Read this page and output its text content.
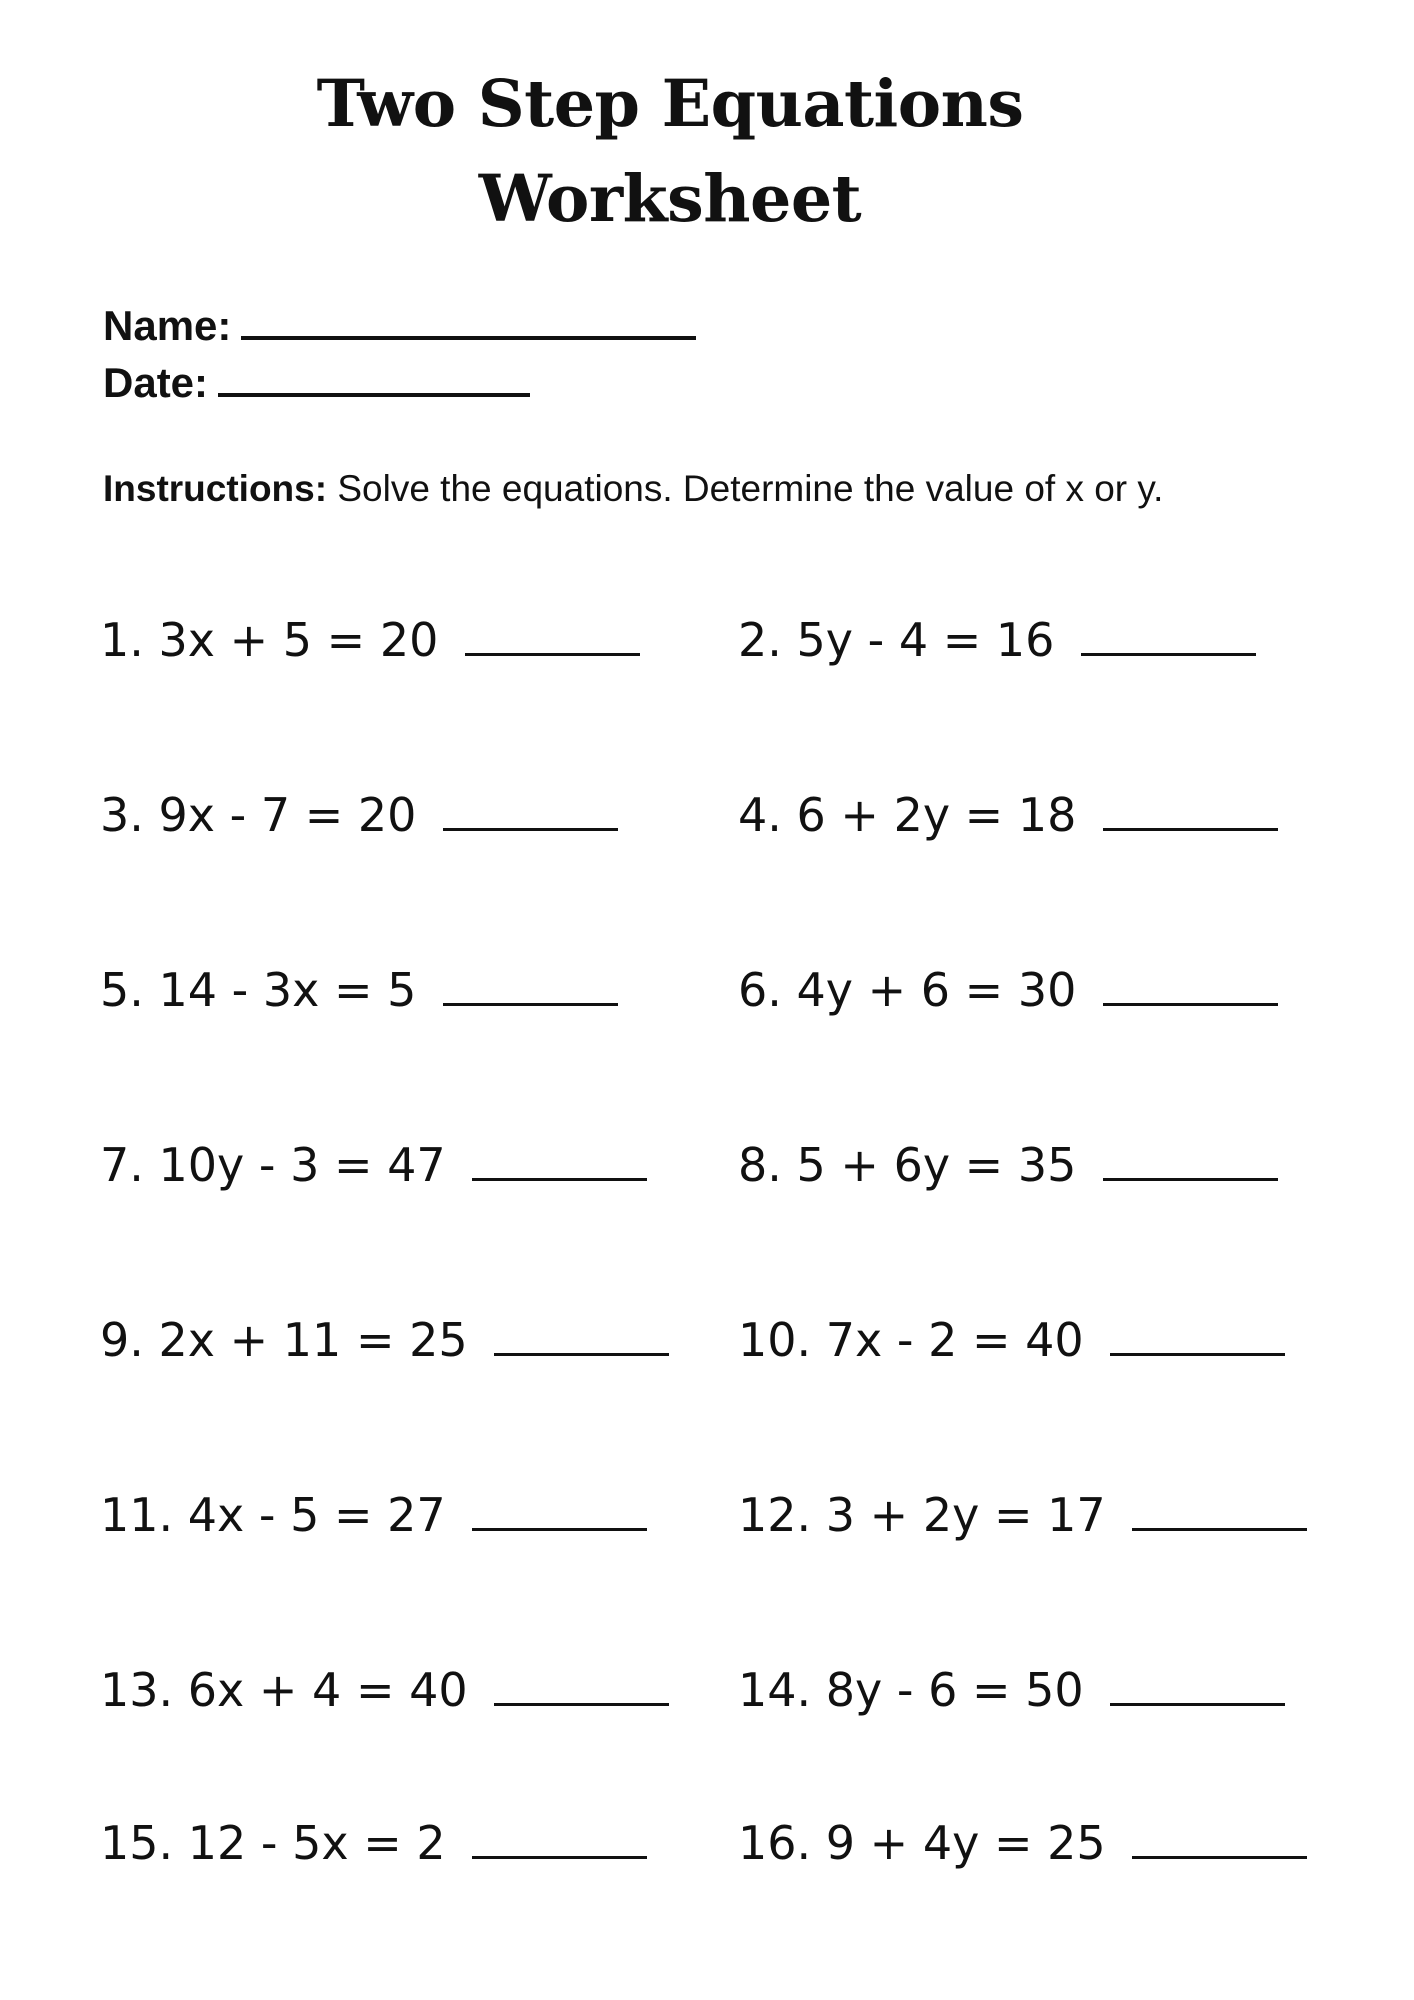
Two Step Equations
Worksheet
Name:
Date:
Instructions: Solve the equations. Determine the value of x or y.
1. 3x + 5 = 20	2. 5y - 4 = 16
3. 9x - 7 = 20	4. 6 + 2y = 18
5. 14 - 3x = 5	6. 4y + 6 = 30
7. 10y - 3 = 47	8. 5 + 6y = 35
9. 2x + 11 = 25	10. 7x - 2 = 40
11. 4x - 5 = 27	12. 3 + 2y = 17
13. 6x + 4 = 40	14. 8y - 6 = 50
15. 12 - 5x = 2	16. 9 + 4y = 25
